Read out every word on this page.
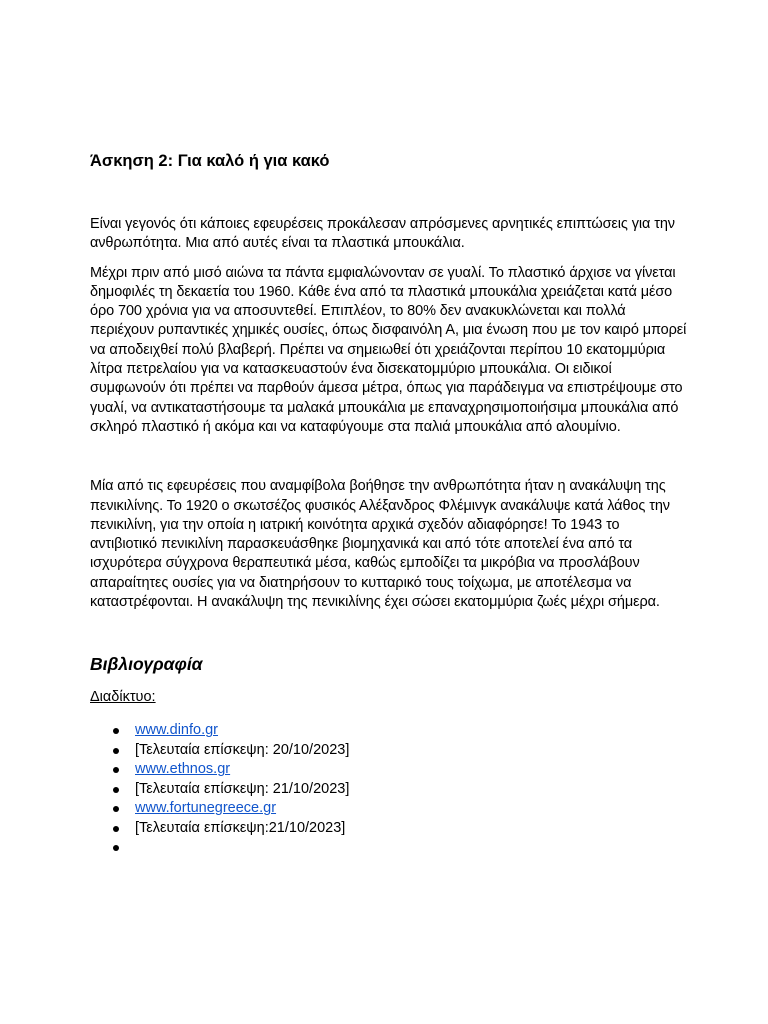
Άσκηση 2: Για καλό ή για κακό

Είναι γεγονός ότι κάποιες εφευρέσεις προκάλεσαν απρόσμενες αρνητικές επιπτώσεις για την ανθρωπότητα. Μια από αυτές είναι τα πλαστικά μπουκάλια.

Μέχρι πριν από μισό αιώνα τα πάντα εμφιαλώνονταν σε γυαλί. Το πλαστικό άρχισε να γίνεται δημοφιλές τη δεκαετία του 1960. Κάθε ένα από τα πλαστικά μπουκάλια χρειάζεται κατά μέσο όρο 700 χρόνια για να αποσυντεθεί. Επιπλέον, το 80% δεν ανακυκλώνεται και πολλά περιέχουν ρυπαντικές χημικές ουσίες, όπως δισφαινόλη Α, μια ένωση που με τον καιρό μπορεί να αποδειχθεί πολύ βλαβερή. Πρέπει να σημειωθεί ότι χρειάζονται περίπου 10 εκατομμύρια λίτρα πετρελαίου για να κατασκευαστούν ένα δισεκατομμύριο μπουκάλια. Οι ειδικοί συμφωνούν ότι πρέπει να παρθούν άμεσα μέτρα, όπως για παράδειγμα να επιστρέψουμε στο γυαλί, να αντικαταστήσουμε τα μαλακά μπουκάλια με επαναχρησιμοποιήσιμα μπουκάλια από σκληρό πλαστικό ή ακόμα και να καταφύγουμε στα παλιά μπουκάλια από αλουμίνιο.

Μία από τις εφευρέσεις που αναμφίβολα βοήθησε την ανθρωπότητα ήταν η ανακάλυψη της πενικιλίνης. Το 1920 ο σκωτσέζος φυσικός Αλέξανδρος Φλέμινγκ ανακάλυψε κατά λάθος την πενικιλίνη, για την οποία η ιατρική κοινότητα αρχικά σχεδόν αδιαφόρησε! Το 1943 το αντιβιοτικό πενικιλίνη παρασκευάσθηκε βιομηχανικά και από τότε αποτελεί ένα από τα ισχυρότερα σύγχρονα θεραπευτικά μέσα, καθώς εμποδίζει τα μικρόβια να προσλάβουν απαραίτητες ουσίες για να διατηρήσουν το κυτταρικό τους τοίχωμα, με αποτέλεσμα να καταστρέφονται. Η ανακάλυψη της πενικιλίνης έχει σώσει εκατομμύρια ζωές μέχρι σήμερα.

Βιβλιογραφία

Διαδίκτυο:

www.dinfo.gr
[Τελευταία επίσκεψη: 20/10/2023]
www.ethnos.gr
[Τελευταία επίσκεψη: 21/10/2023]
www.fortunegreece.gr
[Τελευταία επίσκεψη:21/10/2023]
